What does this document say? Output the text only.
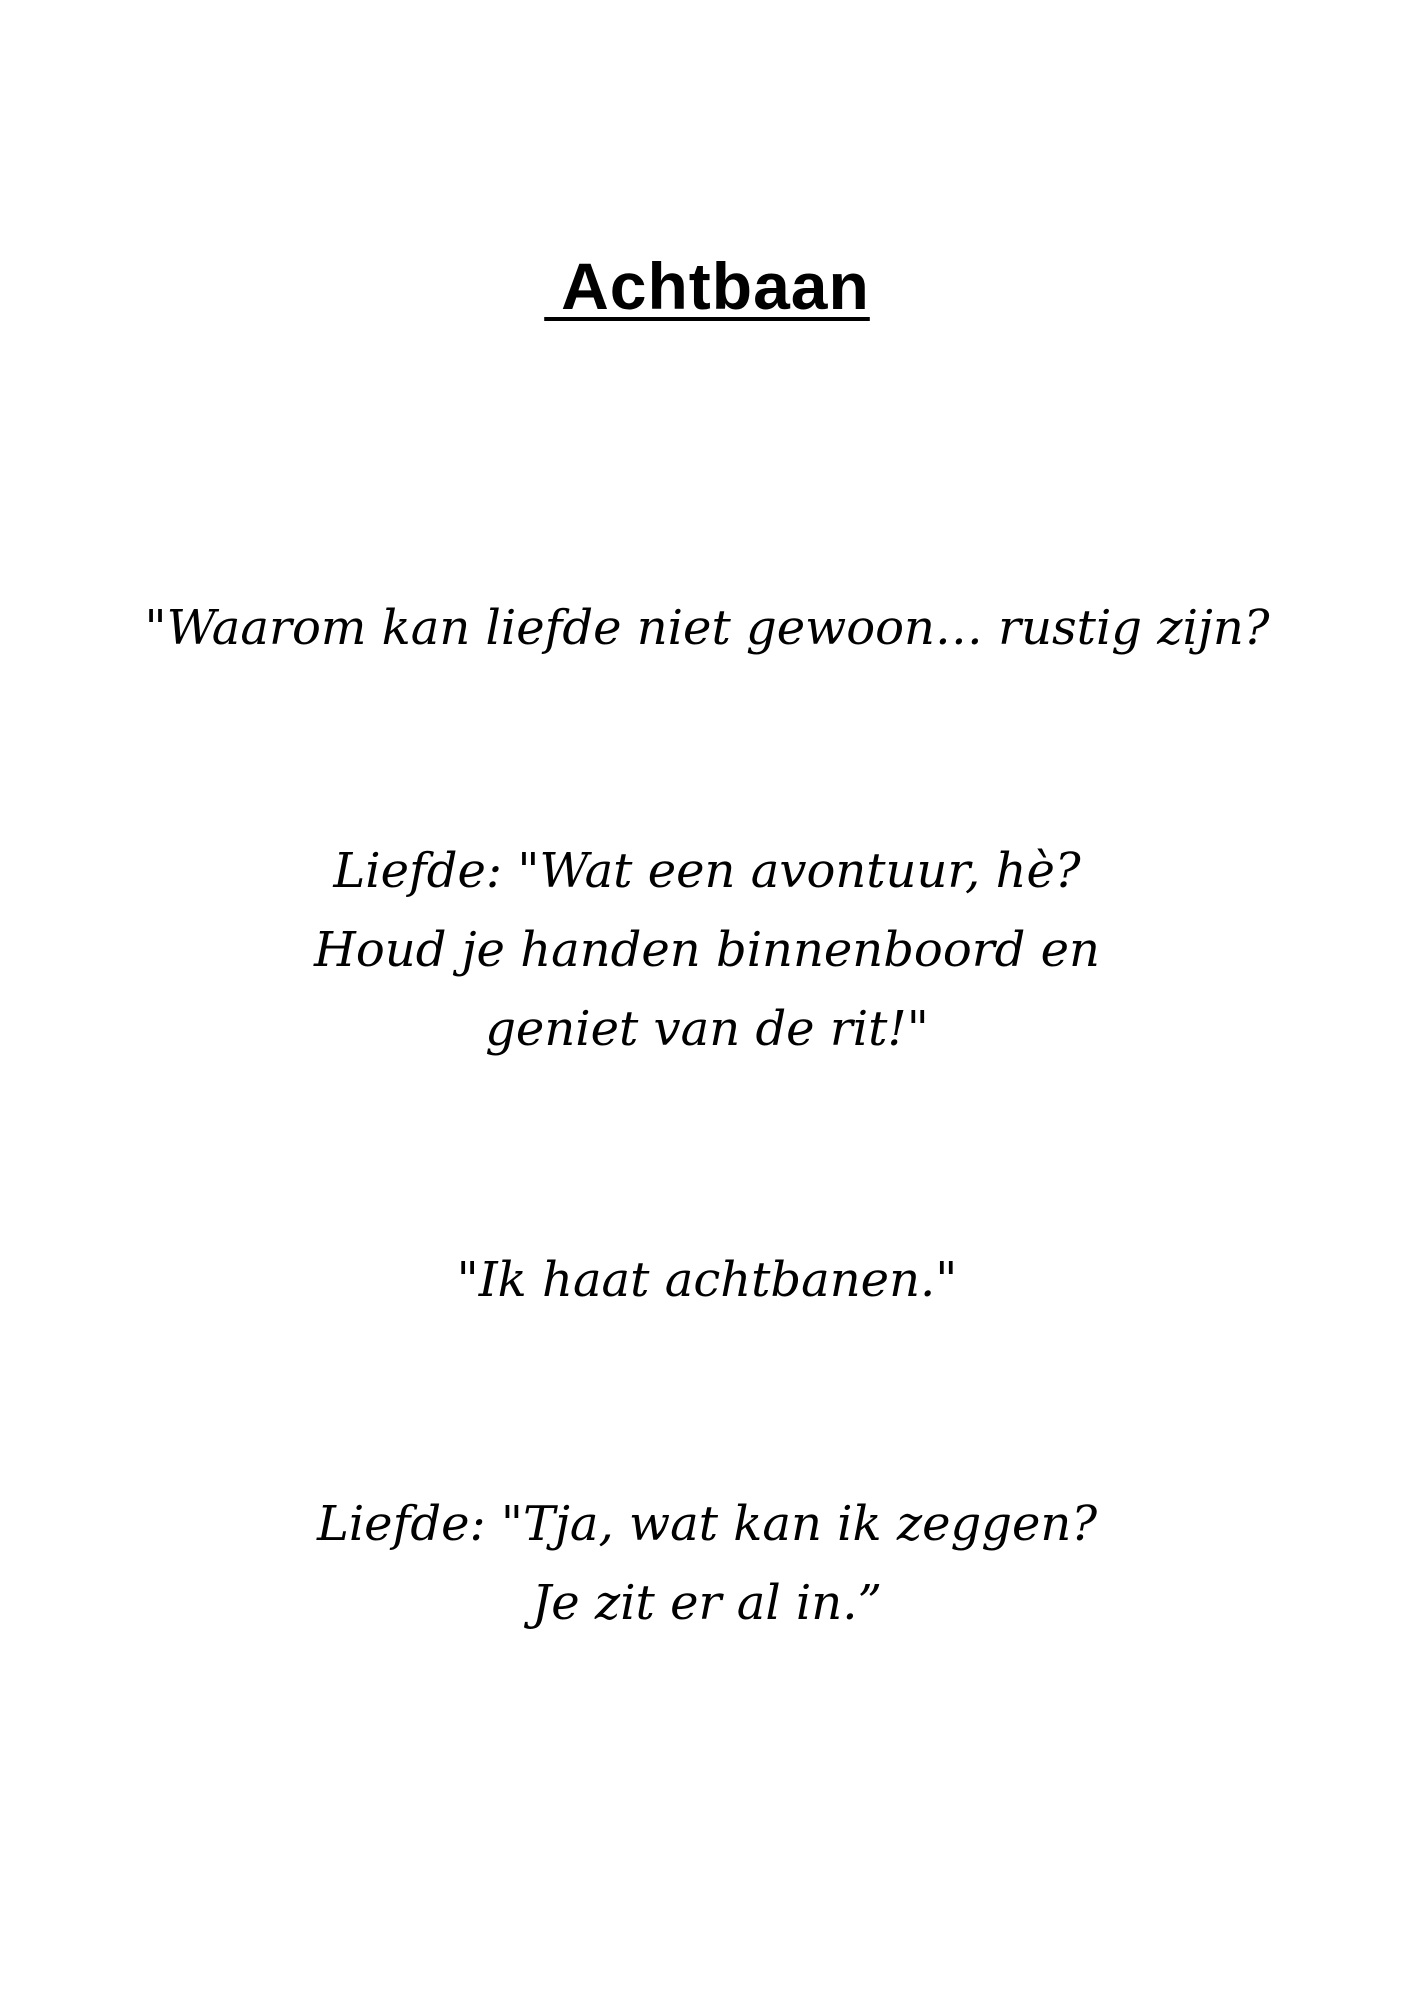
Achtbaan

"Waarom kan liefde niet gewoon… rustig zijn?

Liefde: "Wat een avontuur, hè?
Houd je handen binnenboord en
geniet van de rit!"

"Ik haat achtbanen."

Liefde: "Tja, wat kan ik zeggen?
Je zit er al in.”
